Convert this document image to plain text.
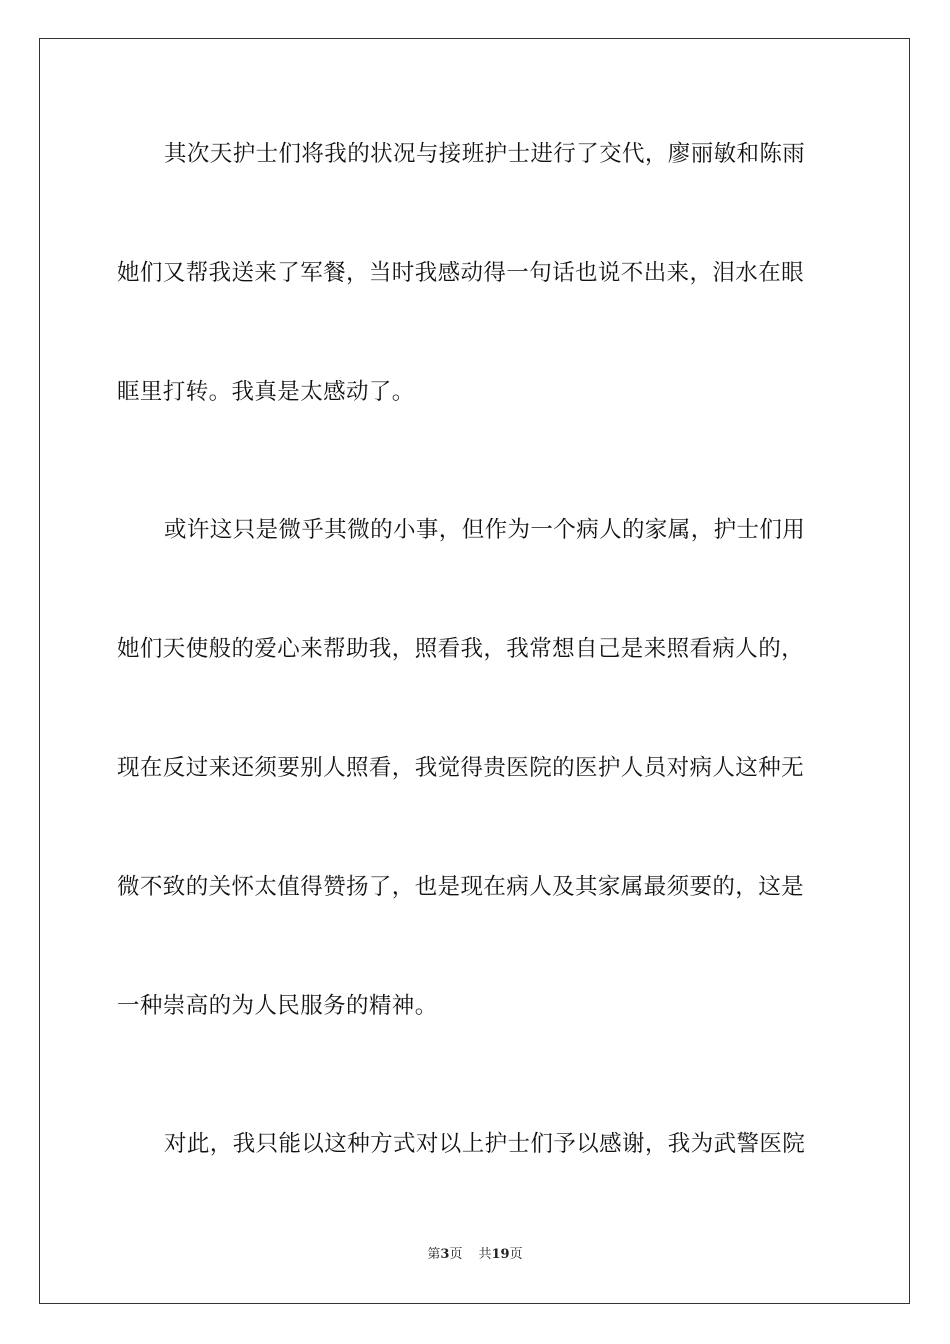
其次天护士们将我的状况与接班护士进行了交代，廖丽敏和陈雨
她们又帮我送来了军餐，当时我感动得一句话也说不出来，泪水在眼
眶里打转。我真是太感动了。
或许这只是微乎其微的小事，但作为一个病人的家属，护士们用
她们天使般的爱心来帮助我，照看我，我常想自己是来照看病人的，
现在反过来还须要别人照看，我觉得贵医院的医护人员对病人这种无
微不致的关怀太值得赞扬了，也是现在病人及其家属最须要的，这是
一种崇高的为人民服务的精神。
对此，我只能以这种方式对以上护士们予以感谢，我为武警医院
第3页 共19页
